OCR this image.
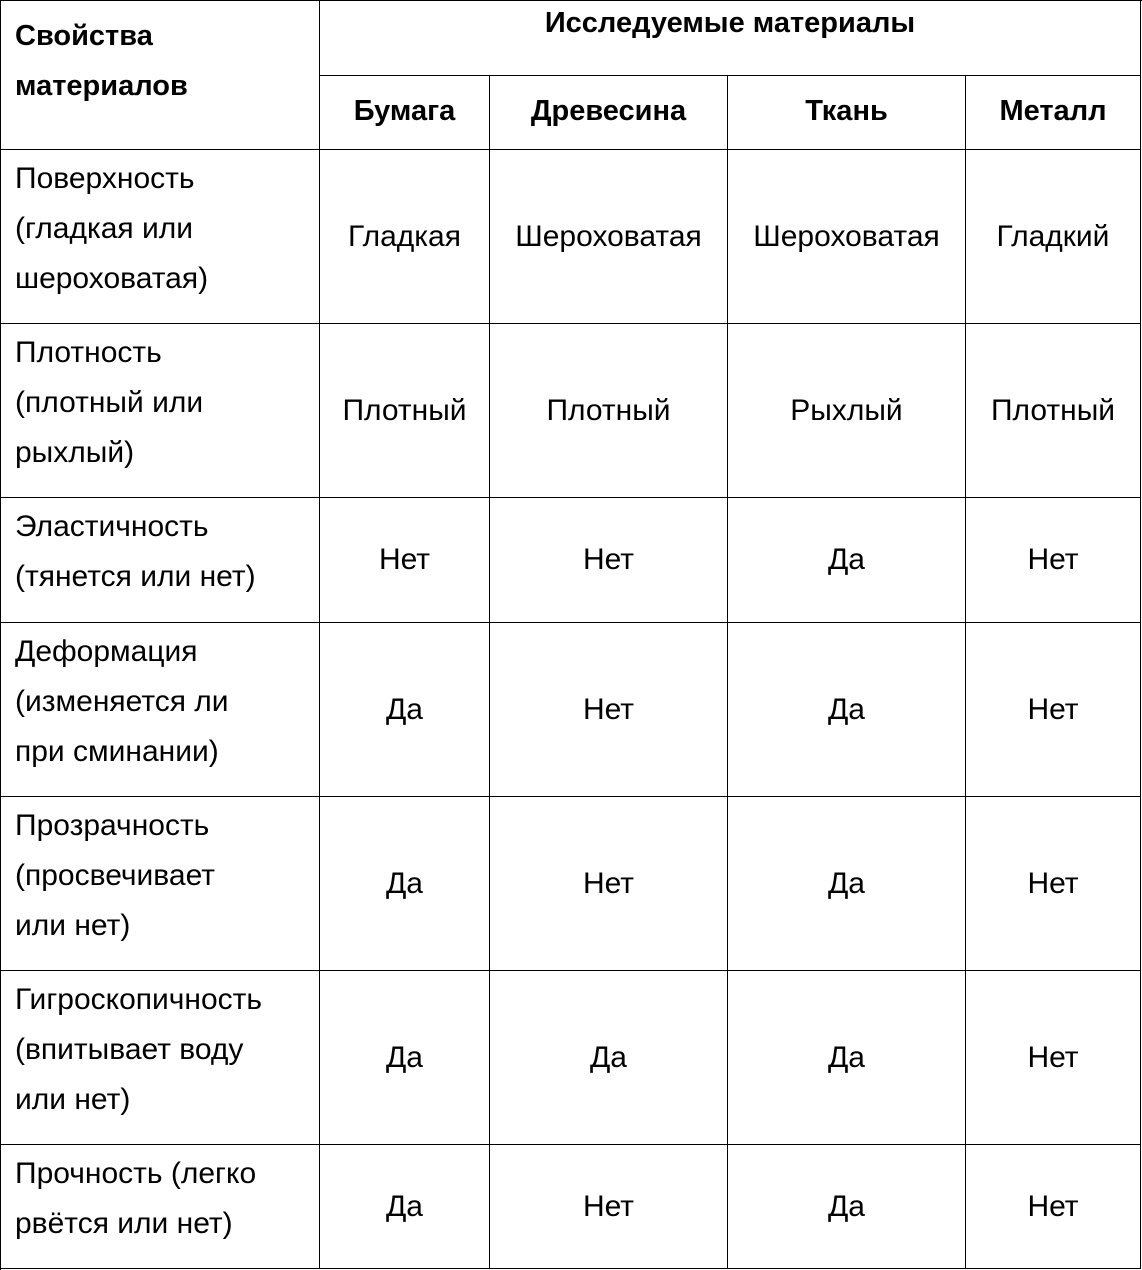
Свойства
материалов
Исследуемые материалы
Бумага	Древесина	Ткань	Металл
Поверхность
(гладкая или
шероховатая)
Гладкая Шероховатая Шероховатая Гладкий
Плотность
(плотный или
рыхлый)
Плотный	Плотный	Рыхлый	Плотный
Эластичность
(тянется или нет)
Нет	Нет	Да	Нет
Деформация
(изменяется ли
при сминании)
Да	Нет	Да	Нет
Прозрачность
(просвечивает
или нет)
Да	Нет	Да	Нет
Гигроскопичность
(впитывает воду
или нет)
Да	Да	Да	Нет
Прочность (легко
рвётся или нет)
Да	Нет	Да	Нет
